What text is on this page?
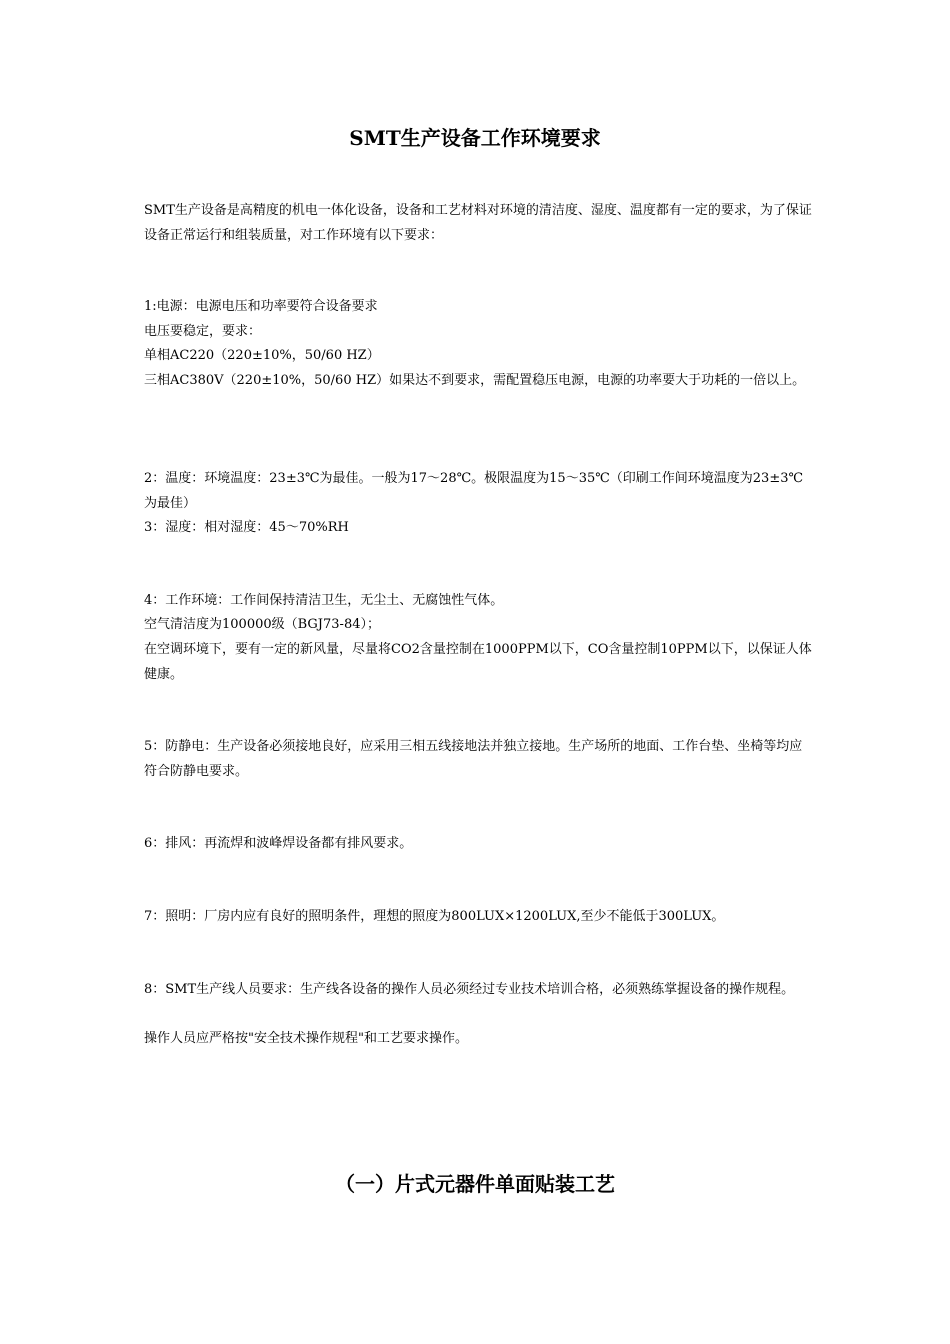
SMT生产设备工作环境要求

SMT生产设备是高精度的机电一体化设备，设备和工艺材料对环境的清洁度、湿度、温度都有一定的要求，为了保证设备正常运行和组装质量，对工作环境有以下要求：

1:电源：电源电压和功率要符合设备要求

电压要稳定，要求：

单相AC220（220±10%，50/60 HZ）

三相AC380V（220±10%，50/60 HZ）如果达不到要求，需配置稳压电源，电源的功率要大于功耗的一倍以上。

2：温度：环境温度：23±3℃为最佳。一般为17～28℃。极限温度为15～35℃（印刷工作间环境温度为23±3℃为最佳）

3：湿度：相对湿度：45～70%RH

4：工作环境：工作间保持清洁卫生，无尘土、无腐蚀性气体。

空气清洁度为100000级（BGJ73-84）；

在空调环境下，要有一定的新风量，尽量将CO2含量控制在1000PPM以下，CO含量控制10PPM以下，以保证人体健康。

5：防静电：生产设备必须接地良好，应采用三相五线接地法并独立接地。生产场所的地面、工作台垫、坐椅等均应符合防静电要求。

6：排风：再流焊和波峰焊设备都有排风要求。

7：照明：厂房内应有良好的照明条件，理想的照度为800LUX×1200LUX,至少不能低于300LUX。

8：SMT生产线人员要求：生产线各设备的操作人员必须经过专业技术培训合格，必须熟练掌握设备的操作规程。

操作人员应严格按"安全技术操作规程"和工艺要求操作。

（一）片式元器件单面贴装工艺
